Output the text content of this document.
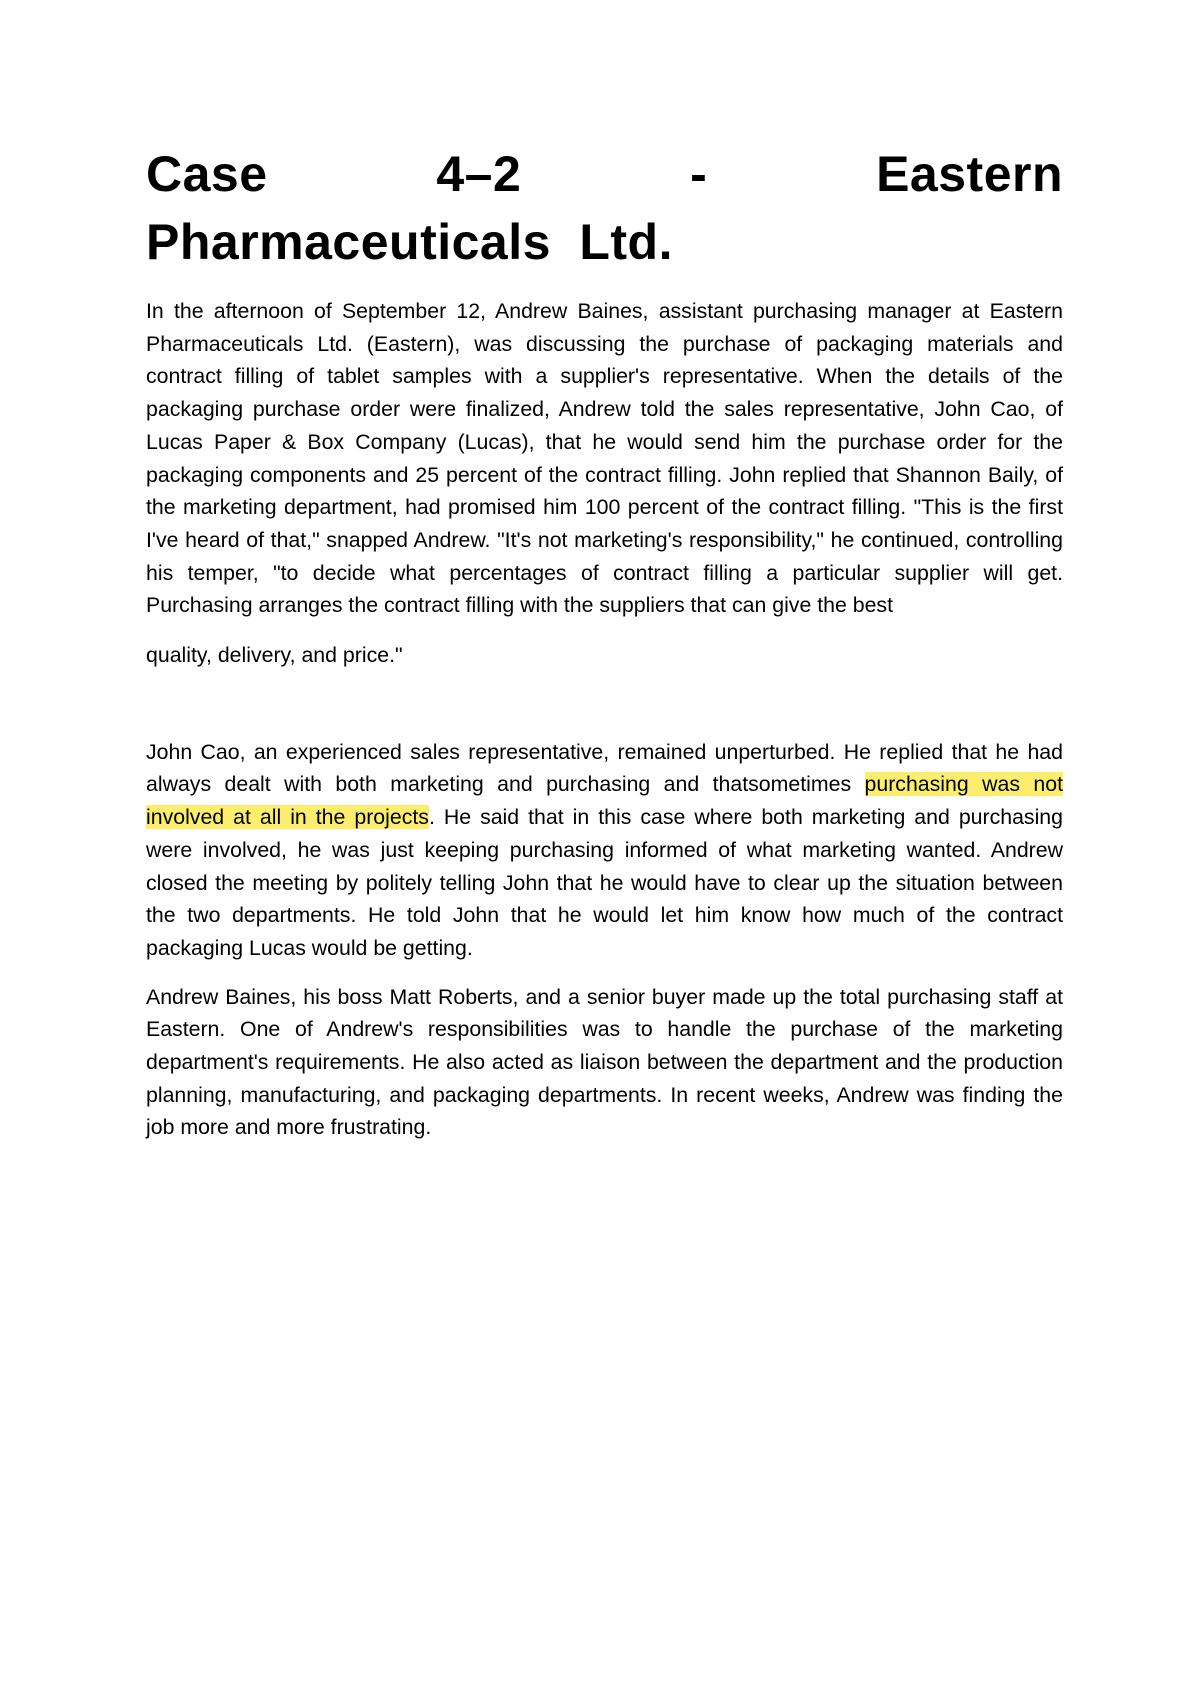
Case 4–2 - Eastern Pharmaceuticals Ltd.

In the afternoon of September 12, Andrew Baines, assistant purchasing manager at Eastern Pharmaceuticals Ltd. (Eastern), was discussing the purchase of packaging materials and contract filling of tablet samples with a supplier's representative. When the details of the packaging purchase order were finalized, Andrew told the sales representative, John Cao, of Lucas Paper & Box Company (Lucas), that he would send him the purchase order for the packaging components and 25 percent of the contract filling. John replied that Shannon Baily, of the marketing department, had promised him 100 percent of the contract filling. "This is the first I've heard of that," snapped Andrew. "It's not marketing's responsibility," he continued, controlling his temper, "to decide what percentages of contract filling a particular supplier will get. Purchasing arranges the contract filling with the suppliers that can give the best

quality, delivery, and price."

John Cao, an experienced sales representative, remained unperturbed. He replied that he had always dealt with both marketing and purchasing and thatsometimes purchasing was not involved at all in the projects. He said that in this case where both marketing and purchasing were involved, he was just keeping purchasing informed of what marketing wanted. Andrew closed the meeting by politely telling John that he would have to clear up the situation between the two departments. He told John that he would let him know how much of the contract packaging Lucas would be getting.

Andrew Baines, his boss Matt Roberts, and a senior buyer made up the total purchasing staff at Eastern. One of Andrew's responsibilities was to handle the purchase of the marketing department's requirements. He also acted as liaison between the department and the production planning, manufacturing, and packaging departments. In recent weeks, Andrew was finding the job more and more frustrating.
